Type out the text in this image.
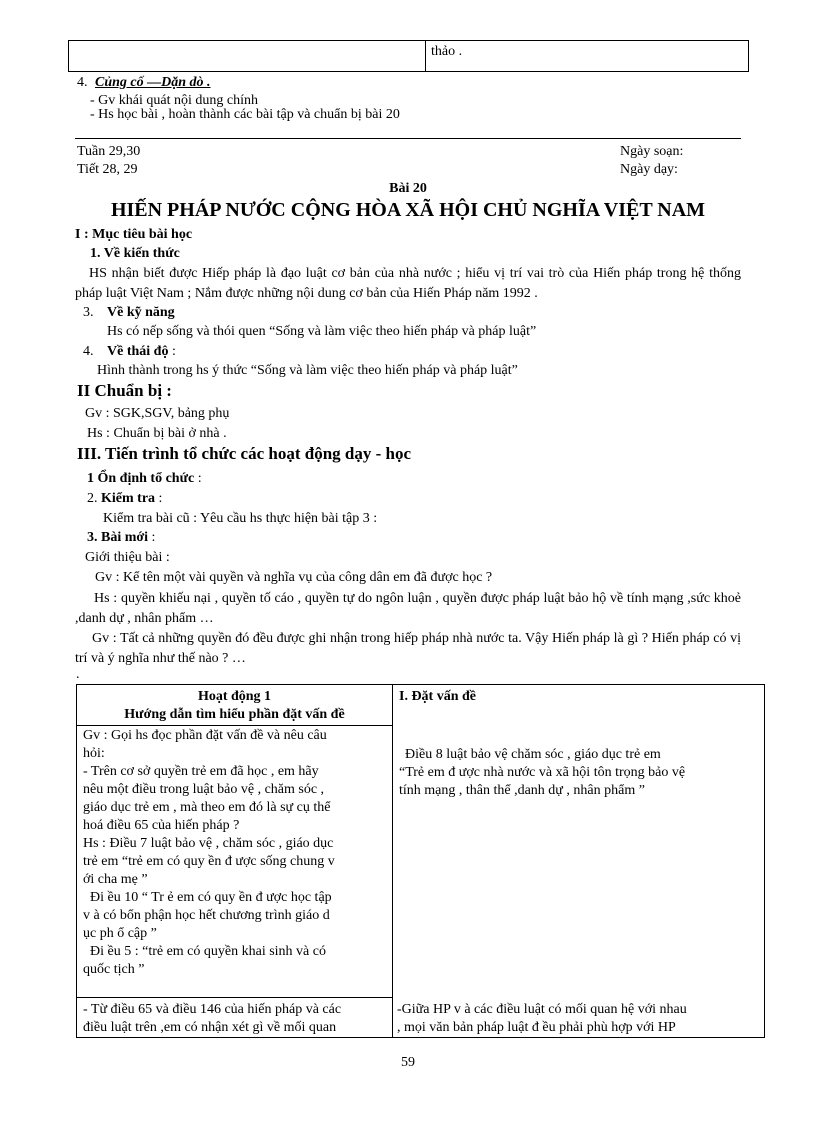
thảo .
4. Củng cố —Dặn dò .
- Gv khái quát nội dung chính
- Hs học bài , hoàn thành các bài tập và chuẩn bị bài 20
Tuần 29,30
Tiết 28, 29
Ngày soạn:
Ngày dạy:
Bài 20
HIẾN PHÁP NƯỚC CỘNG HÒA XÃ HỘI CHỦ NGHĨA VIỆT NAM
I : Mục tiêu bài học
1. Về kiến thức
HS nhận biết được Hiếp pháp là đạo luật cơ bản của nhà nước ; hiểu vị trí vai trò của Hiến pháp trong hệ thống pháp luật Việt Nam ; Nắm được những nội dung cơ bản của Hiến Pháp năm 1992 .
3. Về kỹ năng
Hs có nếp sống và thói quen “Sống và làm việc theo hiến pháp và pháp luật”
4. Về thái độ :
Hình thành trong hs ý thức “Sống và làm việc theo hiến pháp và pháp luật”
II Chuẩn bị :
Gv : SGK,SGV, bảng phụ
Hs : Chuẩn bị bài ở nhà .
III. Tiến trình tổ chức các hoạt động dạy - học
1 Ổn định tổ chức :
2. Kiểm tra :
Kiểm tra bài cũ : Yêu cầu hs thực hiện bài tập 3 :
3. Bài mới :
Giới thiệu bài :
Gv : Kể tên một vài quyền và nghĩa vụ của công dân em đã được học ?
Hs : quyền khiếu nại , quyền tố cáo , quyền tự do ngôn luận , quyền được pháp luật bảo hộ về tính mạng ,sức khoẻ ,danh dự , nhân phẩm …
Gv : Tất cả những quyền đó đều được ghi nhận trong hiếp pháp nhà nước ta. Vậy Hiến pháp là gì ? Hiến pháp có vị trí và ý nghĩa như thế nào ? …
.
Hoạt động 1
Hướng dẫn tìm hiểu phần đặt vấn đề
Gv : Gọi hs đọc phần đặt vấn đề và nêu câu
hỏi:
- Trên cơ sở quyền trẻ em đã học , em hãy
nêu một điều trong luật bảo vệ , chăm sóc ,
giáo dục trẻ em , mà theo em đó là sự cụ thể
hoá điều 65 của hiến pháp ?
Hs : Điều 7 luật bảo vệ , chăm sóc , giáo dục
trẻ em “trẻ em có quy ền đ ược sống chung v
ới cha mẹ ”
Đi ều 10 “ Tr ẻ em có quy ền đ ược học tập
v à có bổn phận học hết chương trình giáo d
ục ph ổ cập ”
Đi ều 5 : “trẻ em có quyền khai sinh và có
quốc tịch ”
- Từ điều 65 và điều 146 của hiến pháp và các
điều luật trên ,em có nhận xét gì về mối quan
I. Đặt vấn đề
Điều 8 luật bảo vệ chăm sóc , giáo dục trẻ em
“Trẻ em đ ược nhà nước và xã hội tôn trọng bảo vệ
tính mạng , thân thể ,danh dự , nhân phẩm ”
-Giữa HP v à các điều luật có mối quan hệ với nhau
, mọi văn bản pháp luật đ ều phải phù hợp với HP
59
